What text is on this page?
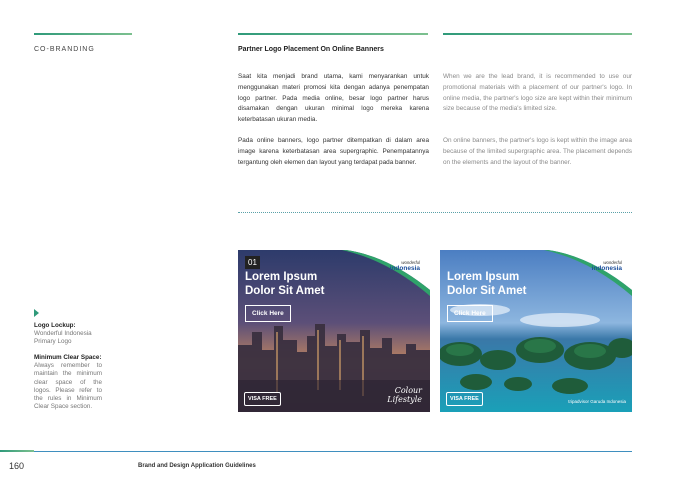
CO-BRANDING	Partner Logo Placement On Online Banners
Saat kita menjadi brand utama, kami menyarankan untuk menggunakan materi promosi kita dengan adanya penempatan logo partner. Pada media online, besar logo partner harus disamakan dengan ukuran minimal logo mereka karena keterbatasan ukuran media.
Pada online banners, logo partner ditempatkan di dalam area image karena keterbatasan area supergraphic. Penempatannya tergantung oleh elemen dan layout yang terdapat pada banner.
When we are the lead brand, it is recommended to use our promotional materials with a placement of our partner's logo. In online media, the partner's logo size are kept within their minimum size because of the media's limited size.
On online banners, the partner's logo is kept within the image area because of the limited supergraphic area. The placement depends on the elements and the layout of the banner.
Logo Lockup:
Wonderful Indonesia
Primary Logo
Minimum Clear Space:
Always remember to maintain the minimum clear space of the logos. Please refer to the rules in Minimum Clear Space section.
01
Lorem Ipsum
Dolor Sit Amet
Click Here
wonderful
indonesia
VISA FREE
Colour
Lifestyle
Lorem Ipsum
Dolor Sit Amet
Click Here
wonderful
indonesia
VISA FREE	tripadvisor Garuda Indonesia
160	Brand and Design Application Guidelines
